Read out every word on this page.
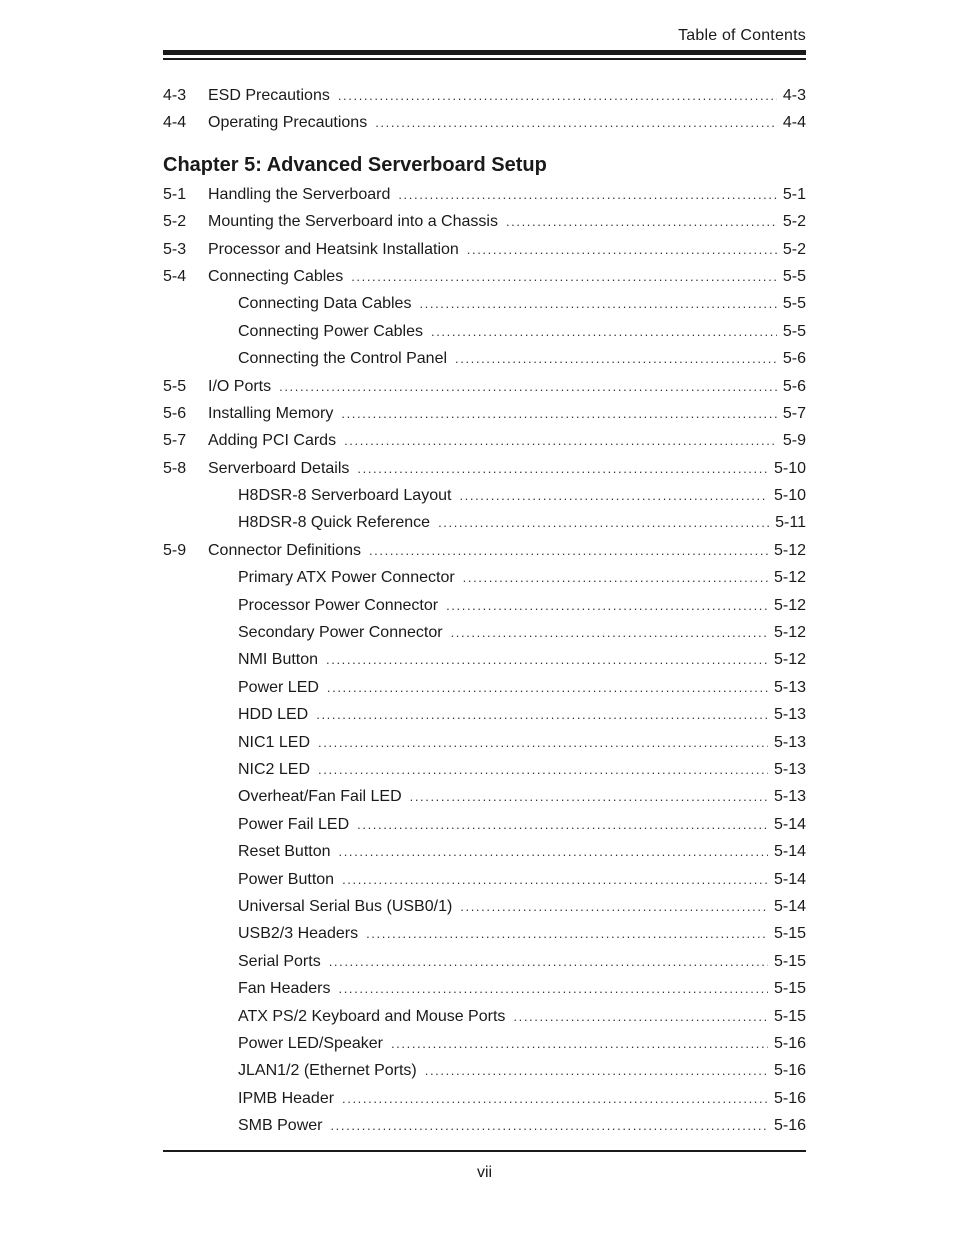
Table of Contents
4-3	ESD Precautions .....	4-3
4-4	Operating Precautions .....	4-4
Chapter 5: Advanced Serverboard Setup
5-1	Handling the Serverboard .....	5-1
5-2	Mounting the Serverboard into a Chassis .....	5-2
5-3	Processor and Heatsink Installation .....	5-2
5-4	Connecting Cables .....	5-5
Connecting Data Cables .....	5-5
Connecting Power Cables .....	5-5
Connecting the Control Panel .....	5-6
5-5	I/O Ports .....	5-6
5-6	Installing Memory .....	5-7
5-7	Adding PCI Cards .....	5-9
5-8	Serverboard Details .....	5-10
H8DSR-8 Serverboard Layout .....	5-10
H8DSR-8 Quick Reference .....	5-11
5-9	Connector Definitions .....	5-12
Primary ATX Power Connector .....	5-12
Processor Power Connector .....	5-12
Secondary Power Connector .....	5-12
NMI Button .....	5-12
Power LED .....	5-13
HDD LED .....	5-13
NIC1 LED .....	5-13
NIC2 LED .....	5-13
Overheat/Fan Fail LED .....	5-13
Power Fail LED .....	5-14
Reset Button .....	5-14
Power Button .....	5-14
Universal Serial Bus (USB0/1) .....	5-14
USB2/3 Headers .....	5-15
Serial Ports .....	5-15
Fan Headers .....	5-15
ATX PS/2 Keyboard and Mouse Ports .....	5-15
Power LED/Speaker .....	5-16
JLAN1/2 (Ethernet Ports) .....	5-16
IPMB Header .....	5-16
SMB Power .....	5-16
vii
